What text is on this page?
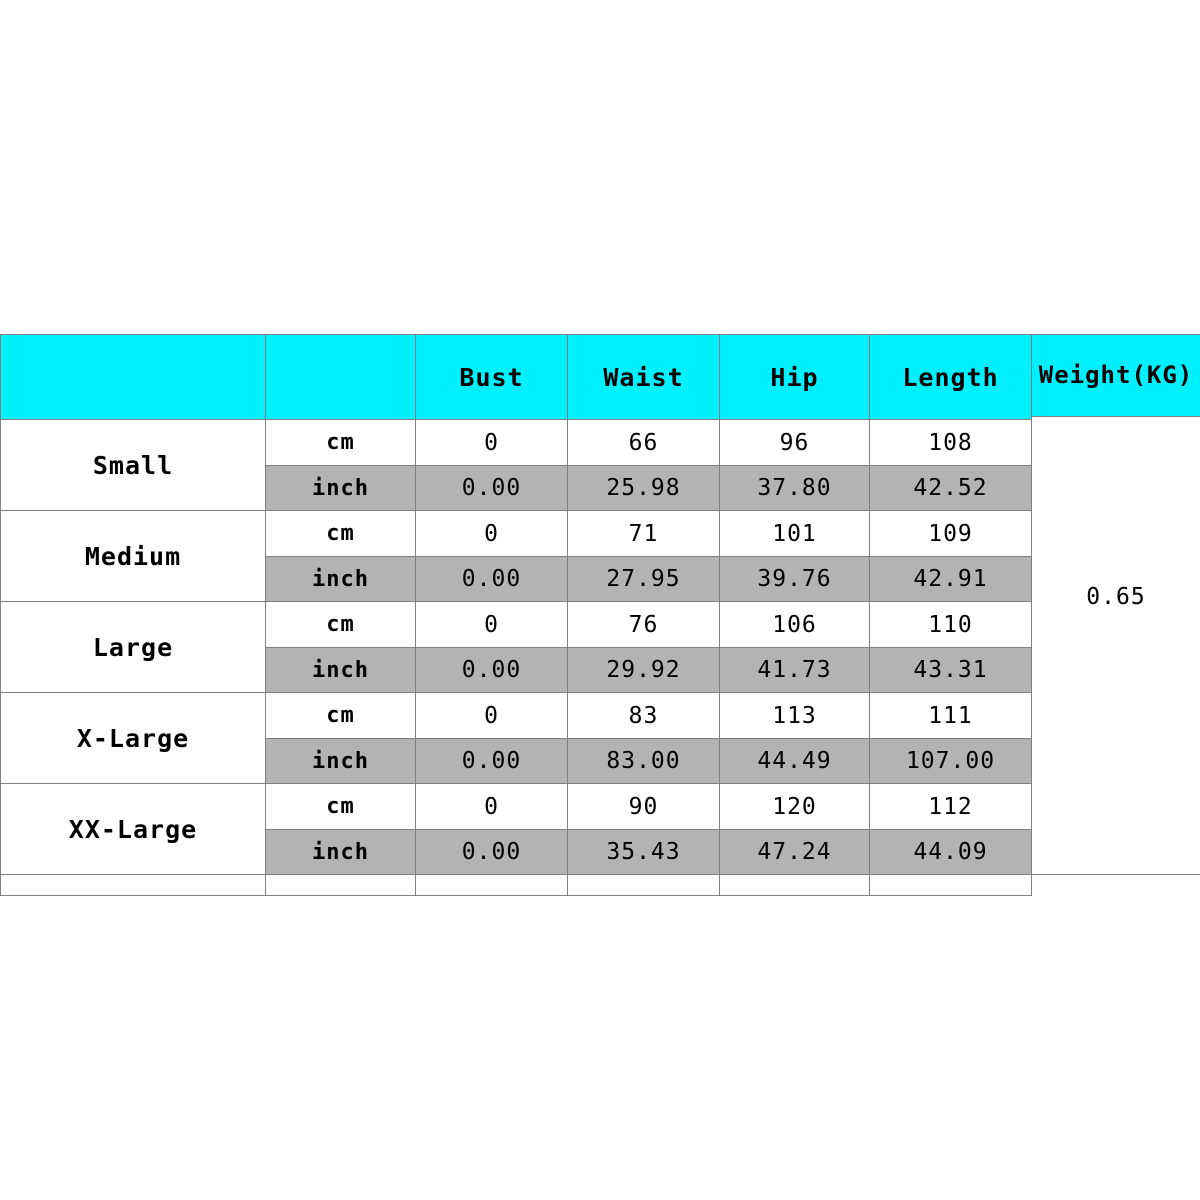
		Bust	Waist	Hip	Length	Weight(KG)
0.65

Small	cm	0	66	96	108	
	inch	0.00	25.98	37.80	42.52	
Medium	cm	0	71	101	109	
	inch	0.00	27.95	39.76	42.91	
Large	cm	0	76	106	110	
	inch	0.00	29.92	41.73	43.31	
X-Large	cm	0	83	113	111	
	inch	0.00	83.00	44.49	107.00	
XX-Large	cm	0	90	120	112	
	inch	0.00	35.43	47.24	44.09	
